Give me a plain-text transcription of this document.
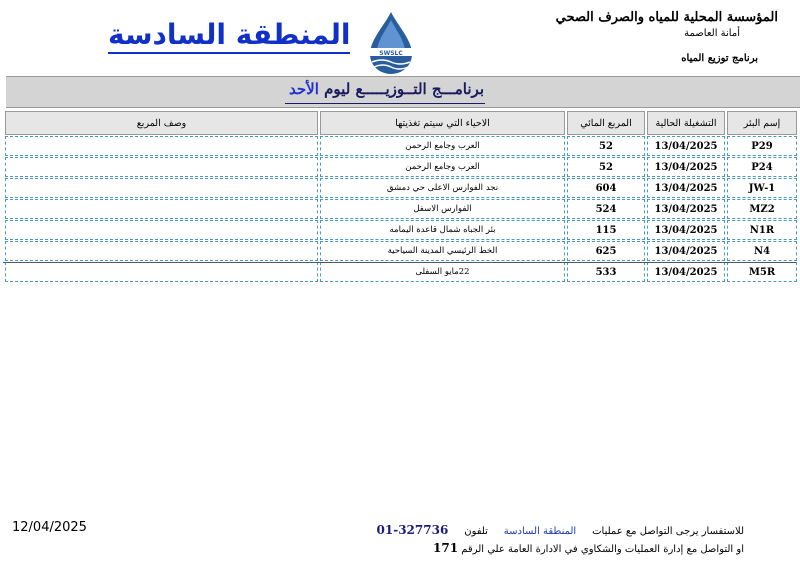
المؤسسة المحلية للمياه والصرف الصحي
أمانة العاصمة
برنامج توزيع المياه
SWSLC
المنطقة السادسة
برنامـــج التــوزيـــــع ليوم الأحد
إسم البئر	التشغيلة الحالية	المربع المائي	الاحياء التي سيتم تغذيتها	وصف المربع
P29	13/04/2025	52	العرب وجامع الرحمن	
P24	13/04/2025	52	العرب وجامع الرحمن	
JW-1	13/04/2025	604	نجد الفوارس الاعلى حي دمشق	
MZ2	13/04/2025	524	الفوارس الاسفل	
N1R	13/04/2025	115	بئر الجباه شمال قاعدة اليمامه	
N4	13/04/2025	625	الخط الرئيسي المدينة السياحية	
M5R	13/04/2025	533	22مايو السفلى	
12/04/2025	للاستفسار يرجى التواصل مع عمليات     المنطقة السادسة     تلفون     01-327736
او التواصل مع إدارة العمليات والشكاوي في الادارة العامة علي الرقم 171
